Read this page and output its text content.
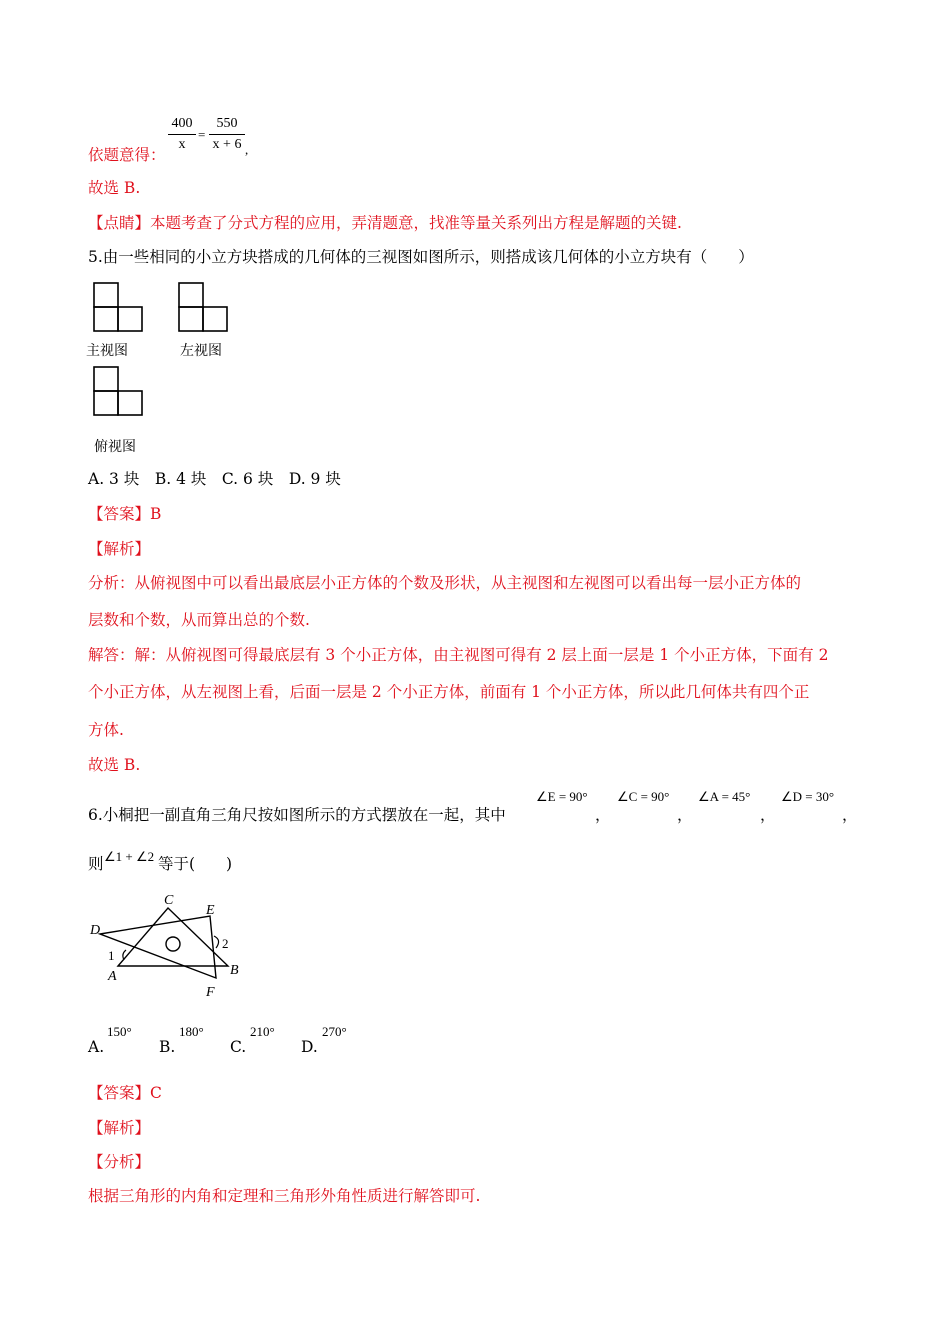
400
x
=
550
x + 6 ,
依题意得：
故选 B.
【点睛】本题考查了分式方程的应用，弄清题意，找准等量关系列出方程是解题的关键.
5.由一些相同的小立方块搭成的几何体的三视图如图所示，则搭成该几何体的小立方块有（　　）
主视图	左视图
俯视图
A. 3 块　B. 4 块　C. 6 块　D. 9 块
【答案】B
【解析】
分析：从俯视图中可以看出最底层小正方体的个数及形状，从主视图和左视图可以看出每一层小正方体的
层数和个数，从而算出总的个数.
解答：解：从俯视图可得最底层有 3 个小正方体，由主视图可得有 2 层上面一层是 1 个小正方体，下面有 2
个小正方体，从左视图上看，后面一层是 2 个小正方体，前面有 1 个小正方体，所以此几何体共有四个正
方体.
故选 B.
6.小桐把一副直角三角尺按如图所示的方式摆放在一起，其中
∠E = 90°
，
∠C = 90°
，
∠A = 45°
，
∠D = 30°
，
则 ∠1 + ∠2 等于(　　)
C
E
D
1
2
A	B
F
A.
150°
B.
180°
C.
210°
D.
270°
【答案】C
【解析】
【分析】
根据三角形的内角和定理和三角形外角性质进行解答即可.
